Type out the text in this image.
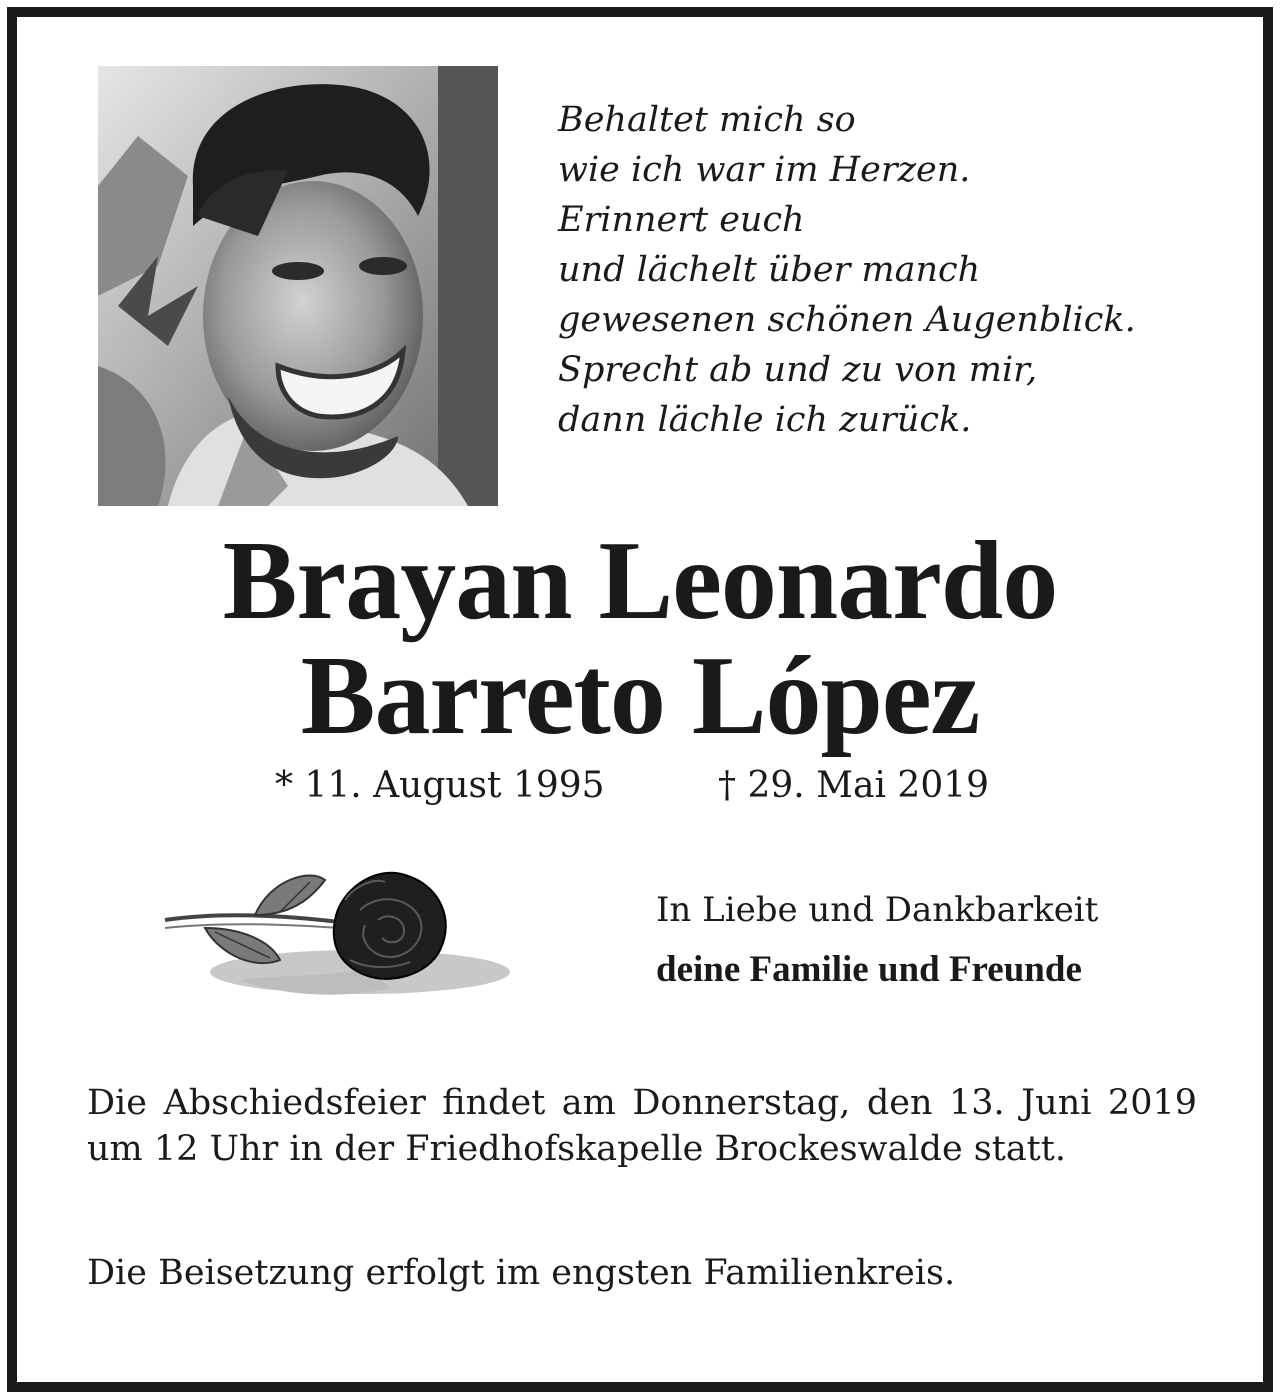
Behaltet mich so
wie ich war im Herzen.
Erinnert euch
und lächelt über manch
gewesenen schönen Augenblick.
Sprecht ab und zu von mir,
dann lächle ich zurück.
Brayan Leonardo
Barreto López
* 11. August 1995	† 29. Mai 2019
In Liebe und Dankbarkeit
deine Familie und Freunde
Die Abschiedsfeier findet am Donnerstag, den 13. Juni 2019 um 12 Uhr in der Friedhofskapelle Brockeswalde statt.
Die Beisetzung erfolgt im engsten Familienkreis.
